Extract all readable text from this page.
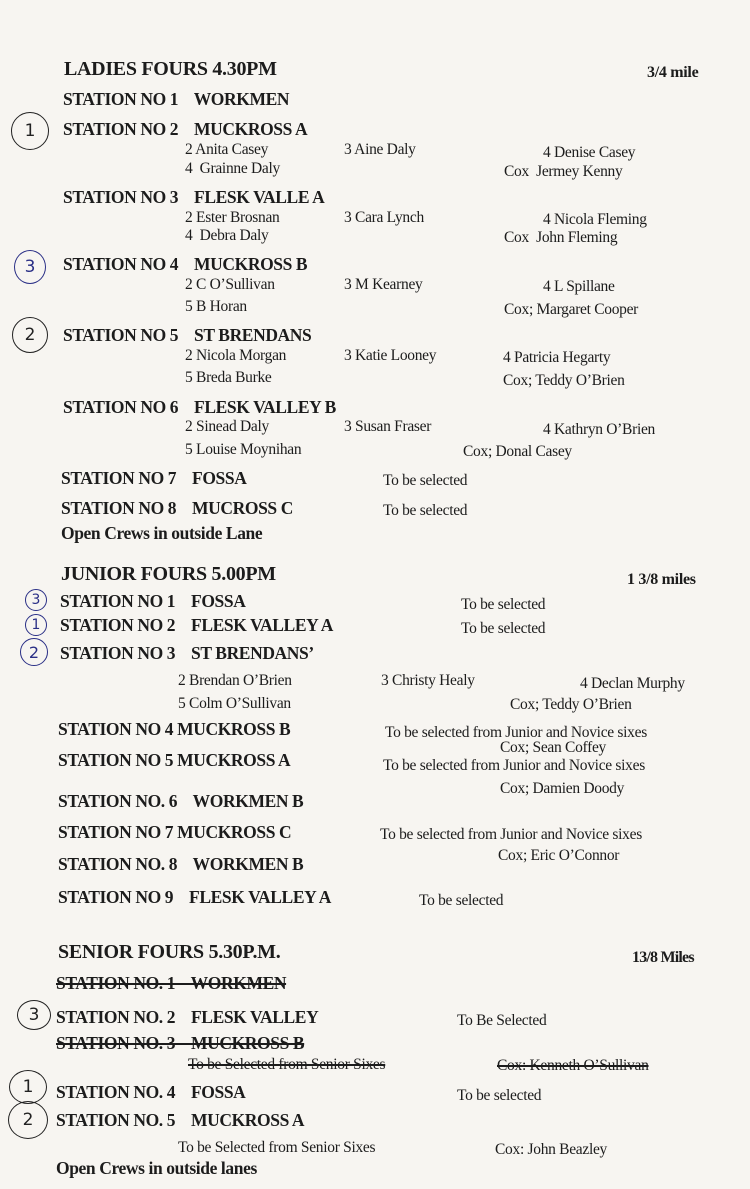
LADIES FOURS 4.30PM	3/4 mile
STATION NO 1    WORKMEN
1	STATION NO 2    MUCKROSS A
2 Anita Casey	3 Aine Daly	4 Denise Casey
4  Grainne Daly	Cox  Jermey Kenny
STATION NO 3    FLESK VALLE A
2 Ester Brosnan	3 Cara Lynch	4 Nicola Fleming
4  Debra Daly	Cox  John Fleming
3	STATION NO 4    MUCKROSS B
2 C O’Sullivan	3 M Kearney	4 L Spillane
5 B Horan	Cox; Margaret Cooper
2	STATION NO 5    ST BRENDANS
2 Nicola Morgan	3 Katie Looney	4 Patricia Hegarty
5 Breda Burke	Cox; Teddy O’Brien
STATION NO 6    FLESK VALLEY B
2 Sinead Daly	3 Susan Fraser	4 Kathryn O’Brien
5 Louise Moynihan	Cox; Donal Casey
STATION NO 7    FOSSA	To be selected
STATION NO 8    MUCROSS C	To be selected
Open Crews in outside Lane
JUNIOR FOURS 5.00PM	1 3/8 miles
3	STATION NO 1    FOSSA	To be selected
1	STATION NO 2    FLESK VALLEY A	To be selected
2	STATION NO 3    ST BRENDANS’
2 Brendan O’Brien	3 Christy Healy	4 Declan Murphy
5 Colm O’Sullivan	Cox; Teddy O’Brien
STATION NO 4 MUCKROSS B	To be selected from Junior and Novice sixes
Cox; Sean Coffey
STATION NO 5 MUCKROSS A	To be selected from Junior and Novice sixes
Cox; Damien Doody
STATION NO. 6    WORKMEN B
STATION NO 7 MUCKROSS C	To be selected from Junior and Novice sixes
Cox; Eric O’Connor
STATION NO. 8    WORKMEN B
STATION NO 9    FLESK VALLEY A	To be selected
SENIOR FOURS 5.30P.M.	13/8 Miles
STATION NO. 1    WORKMEN
3 STATION NO. 2    FLESK VALLEY	To Be Selected
STATION NO. 3    MUCKROSS B
To be Selected from Senior Sixes	Cox: Kenneth O’Sullivan
1	STATION NO. 4    FOSSA	To be selected
2	STATION NO. 5    MUCKROSS A
To be Selected from Senior Sixes	Cox: John Beazley
Open Crews in outside lanes
